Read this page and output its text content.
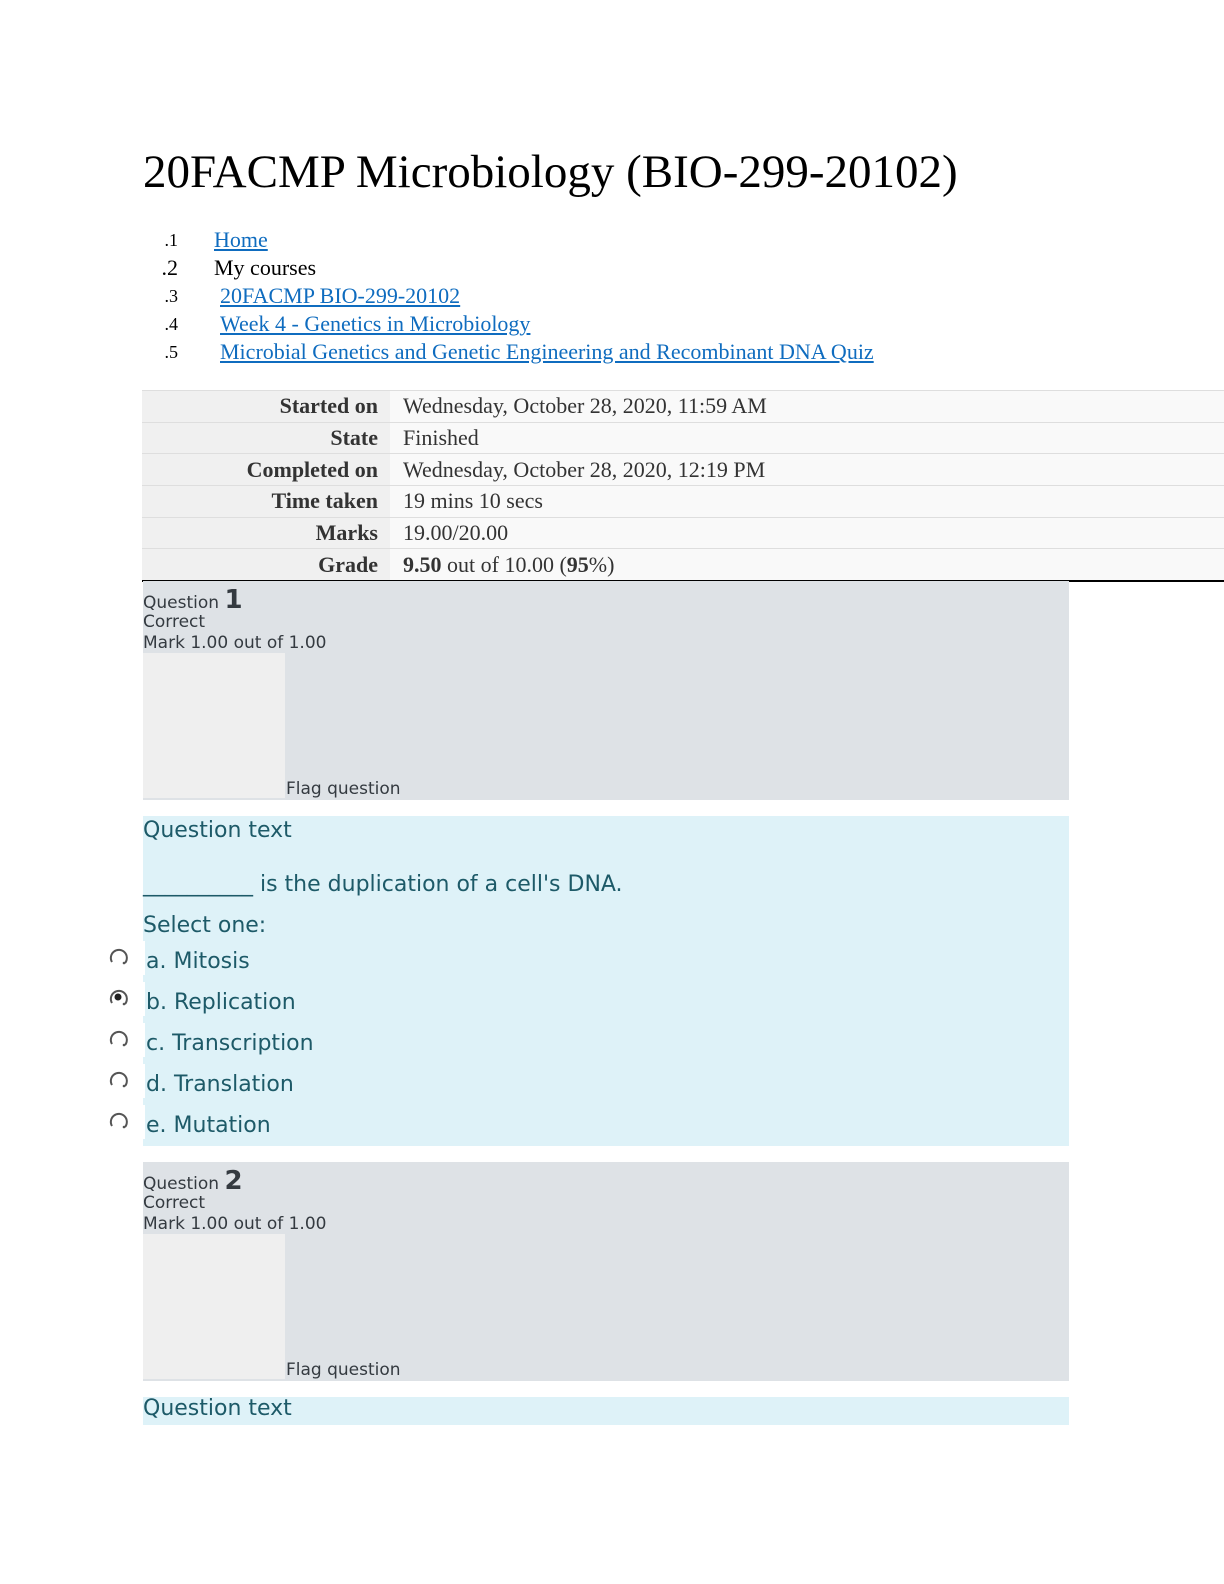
20FACMP Microbiology (BIO-299-20102)
1. Home
2. My courses
3. 20FACMP BIO-299-20102
4. Week 4 - Genetics in Microbiology
5. Microbial Genetics and Genetic Engineering and Recombinant DNA Quiz
Started on	Wednesday, October 28, 2020, 11:59 AM
State	Finished
Completed on	Wednesday, October 28, 2020, 12:19 PM
Time taken	19 mins 10 secs
Marks	19.00/20.00
Grade	9.50 out of 10.00 (95%)
Question 1
Correct
Mark 1.00 out of 1.00
Flag question
Question text
__________ is the duplication of a cell's DNA.
Select one:
a. Mitosis
b. Replication
c. Transcription
d. Translation
e. Mutation
Question 2
Correct
Mark 1.00 out of 1.00
Flag question
Question text
